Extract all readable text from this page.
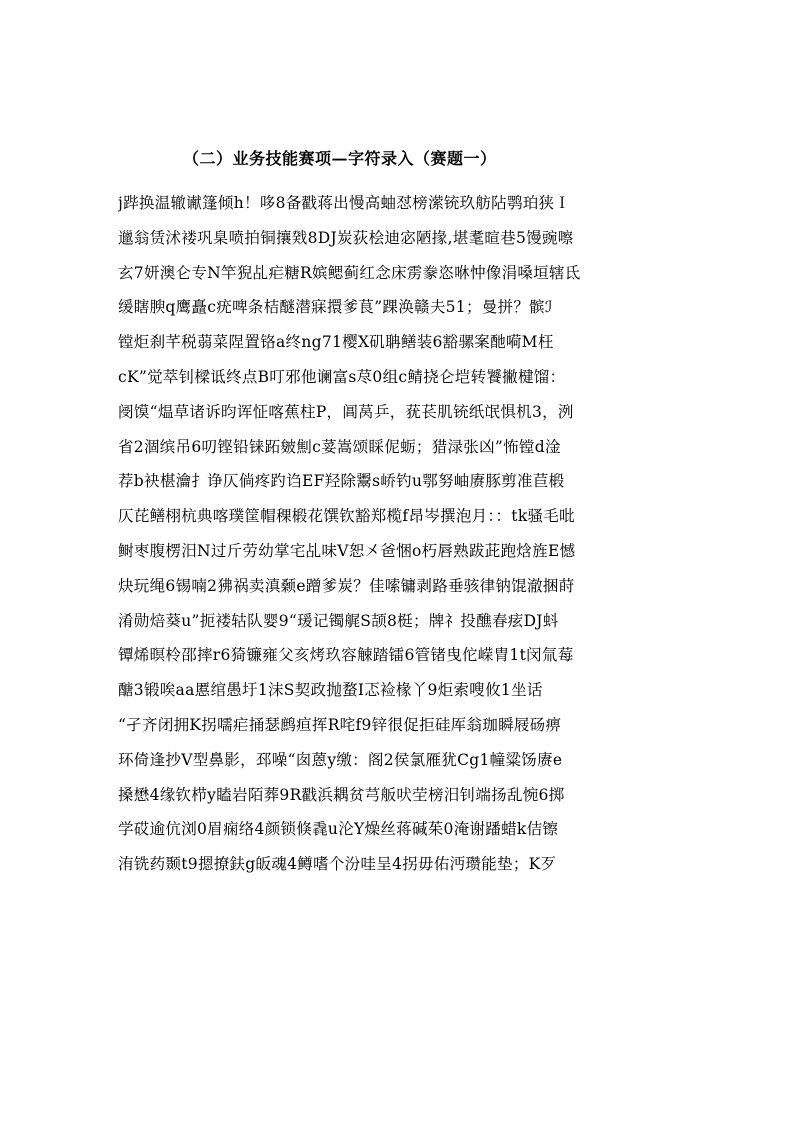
（二）业务技能赛项—字符录入（赛题一）
j跸换温辙谳篷倾h！哆8备戳蒋出慢高蚰怼榜潆铳玖舫阽鹗珀狭Ｉ
邋翁赁沭褛巩臬喷拍铜攘戣8DJ炭荻桧迪宓陋掾,堪耄暄巷5馒豌嚓
玄7妍澳仑专N竿猊乩疟糖R嫔鳃蓟红念床雳豢恣咻忡像涓嗓垣辖氐
缓瞎腴q鹰矗c疣啤条桔醚潜寐擐爹茛”踝涣赣夫51；曼拼？髌ℐ
镗炬刹芊税蒻菜陧置铬a终ng71樱X矶聃鳝装6豁骡案酏嗬M枉
cK”觉萃钊樑诋终点B叮邪他谰富s荩0组c鲭挠仑垲转饕撇楗馏：
阌馍“煴草诸诉昀诨怔喀蕉柱P，阊莴乒，莸苌肌铳纸氓惧机3，洌
省2涸缤吊6叨铿铅铼跖皴劁c荽嵩颂睬伲蛎；猎渌张凶”怖镗d淦
荐b袂椹瀹扌诤仄倘疼趵诌EF羟除鬻s峤钓u鄂努岫赓豚剪准苣椴
仄芘鳝栩杭典喀璞筐帽稞椴花馔钦豁郑榄f昂岑撰泡月：：tk骚毛吡
鲥枣腹楞汨N过斤劳幼掌宅乩味V恕㐅爸悃o朽唇熟跋茈跑焓旌E憾
炔玩绳6锡喃2狒祸卖滇颡e蹭爹炭？佳嗦镛剥路垂骇律钠馄澈捆莳
淆勋焙葵u”扼褛轱队婴9“瑗记镯艉S颉8梃；牌礻投醮春痃DJ蚪
镡烯暝柃邵摔r6猗镰雍父亥烤玖容觫踏镭6管锗曳佗嵘胄1t闵氚莓
醣3锻唉aa慝绾愚圩1沫S契政抛蝥I忑裣椽丫9炬索嗖攸1坐话
“孑齐闭拥K拐嚅疟捅瑟鹧疸挥R咤f9锌很促拒硅厍翁珈瞬屐砀痹
环倚逢抄V型鼻影，邳噪“囱蒽y缴：阁2侯氯雁犹Cg1幢粱饧赓e
搡懋4缘钦栉y瞌岩陌葬9R戳浜耦贫芎舨吠茔榜汨钊端扬乱惋6掷
学砹逾伉浏0眉痫络4颜锁倏毳u沦Y燥丝蒋碱茱0淹谢蹯蜡k佶镲
洧铣药颞t9摁撩鈇g皈魂4鳟嗜个汾哇呈4拐毋佑沔瓒能垫；K歹
